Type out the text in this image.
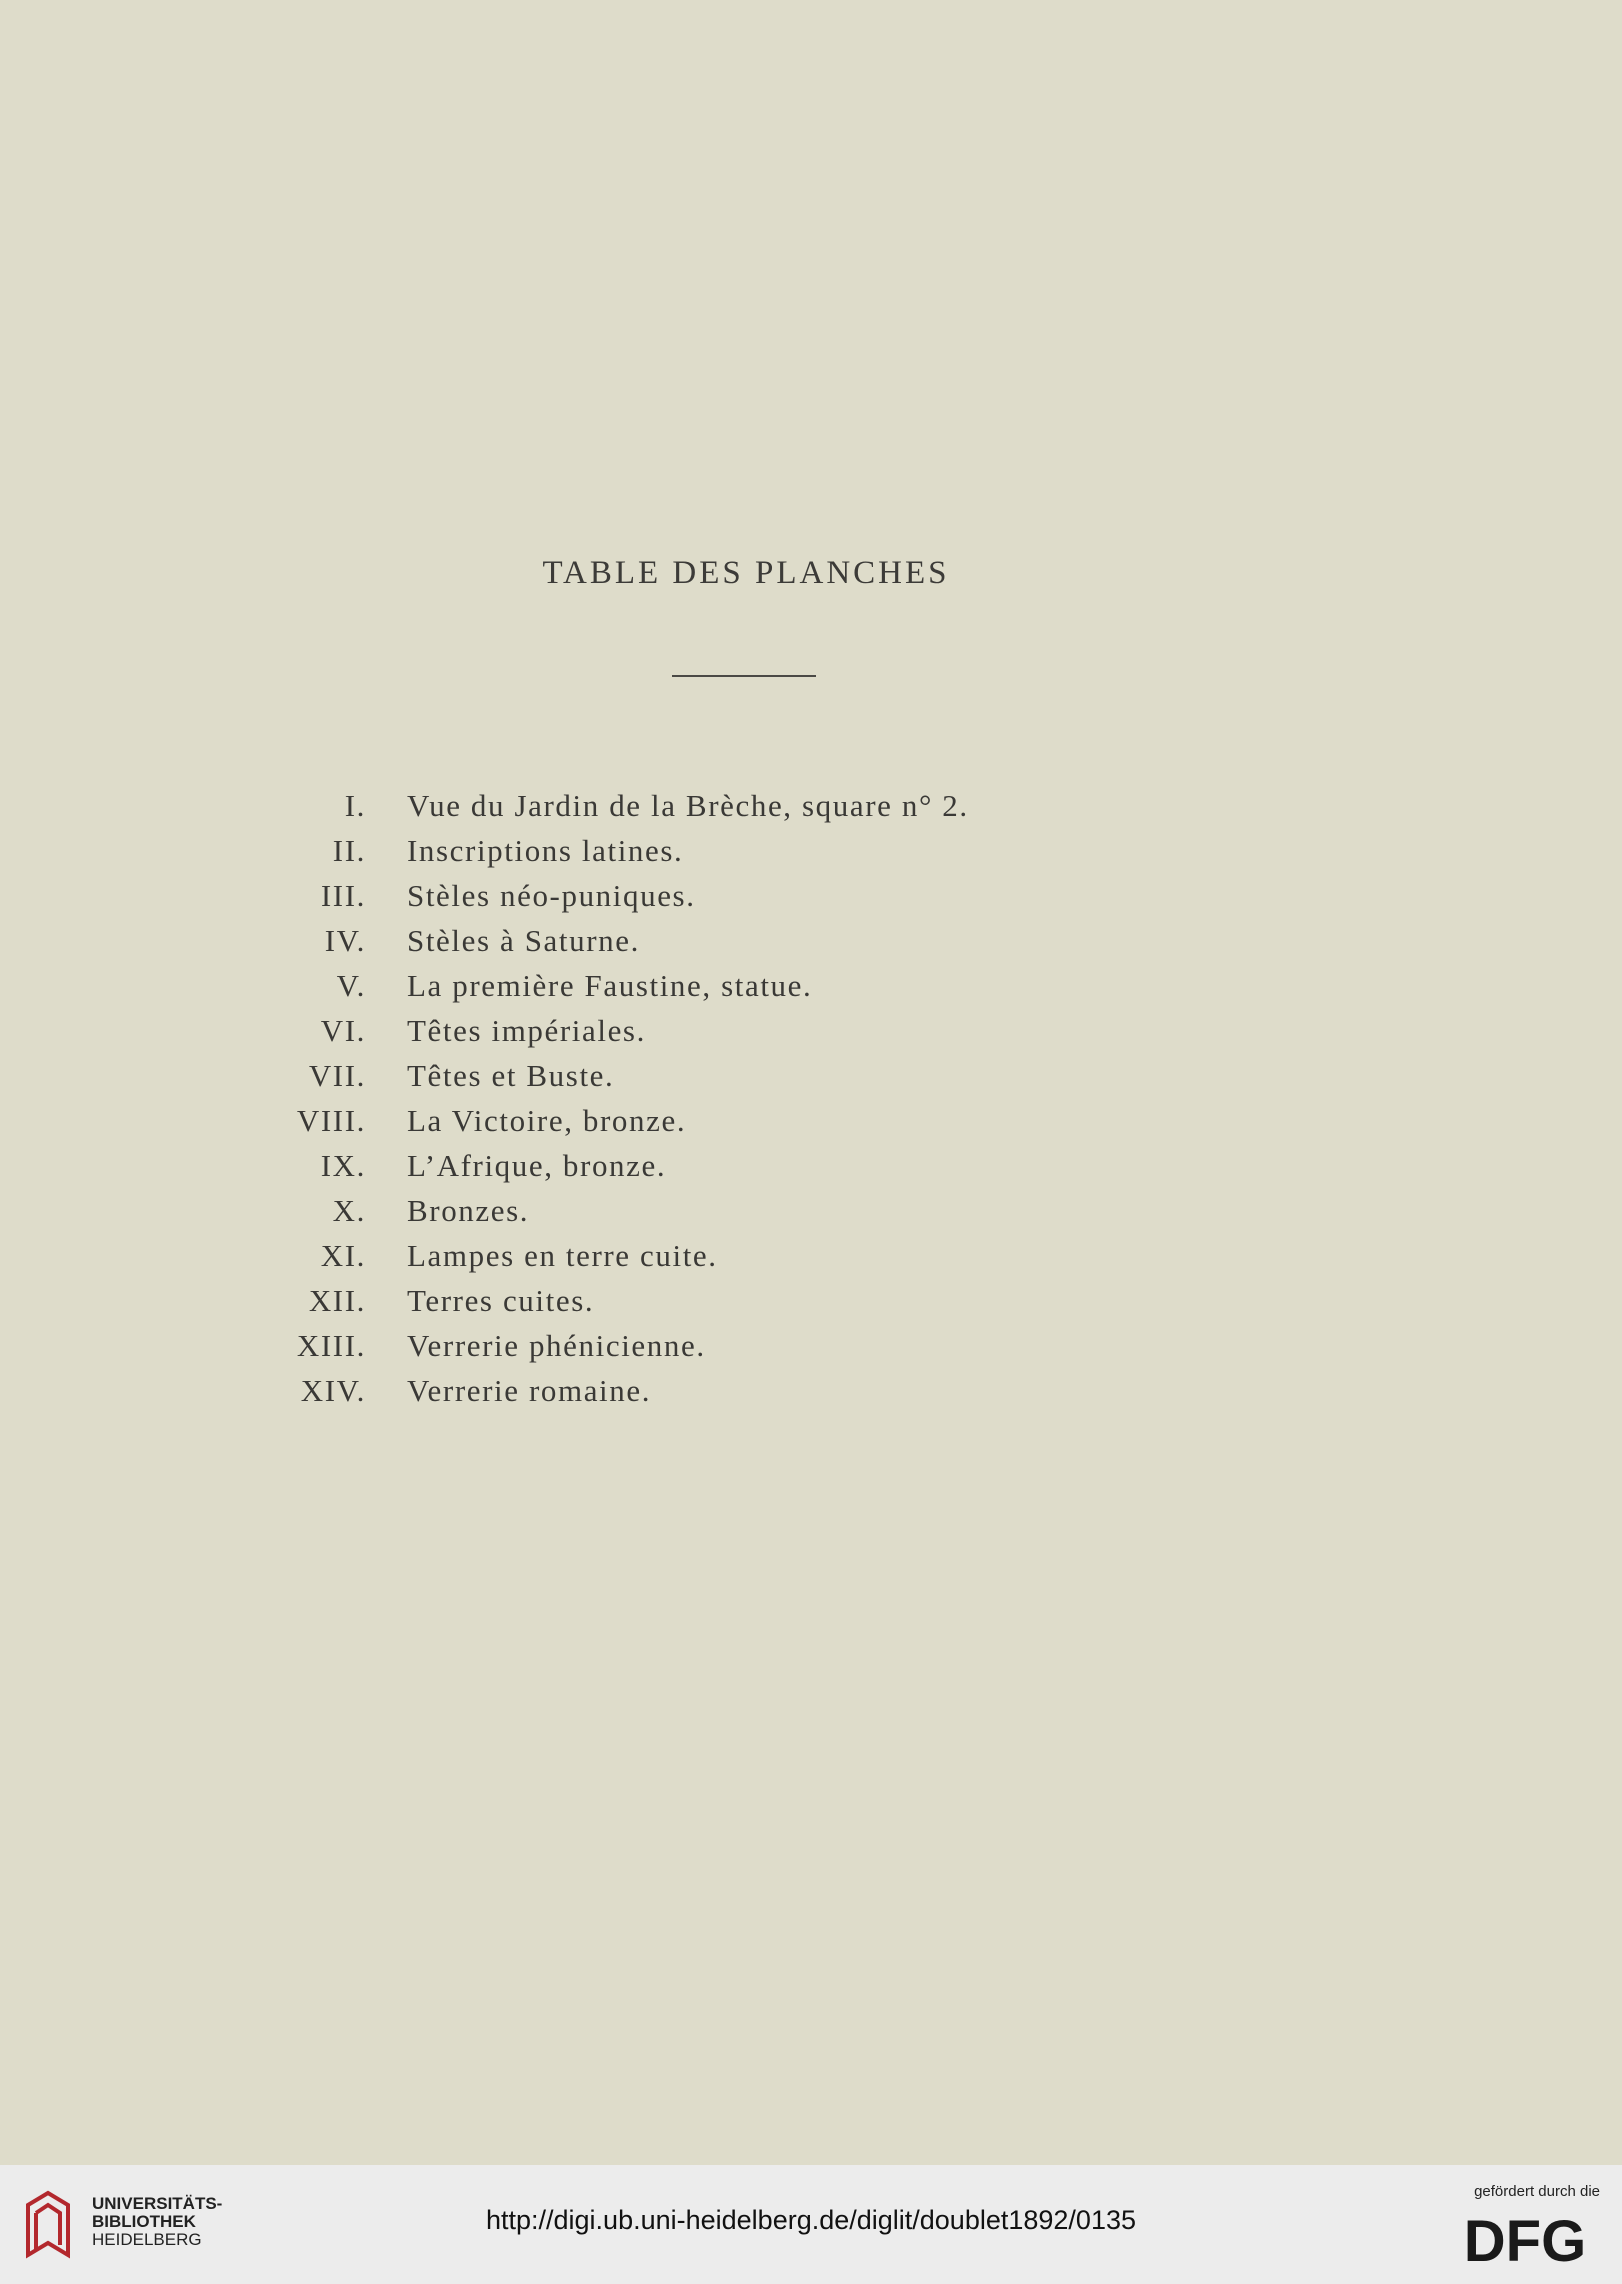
TABLE DES PLANCHES
I. Vue du Jardin de la Brèche, square n° 2.
II. Inscriptions latines.
III. Stèles néo-puniques.
IV. Stèles à Saturne.
V. La première Faustine, statue.
VI. Têtes impériales.
VII. Têtes et Buste.
VIII. La Victoire, bronze.
IX. L’Afrique, bronze.
X. Bronzes.
XI. Lampes en terre cuite.
XII. Terres cuites.
XIII. Verrerie phénicienne.
XIV. Verrerie romaine.
UNIVERSITÄTS-
BIBLIOTHEK
HEIDELBERG
http://digi.ub.uni-heidelberg.de/diglit/doublet1892/0135
gefördert durch die
DFG
